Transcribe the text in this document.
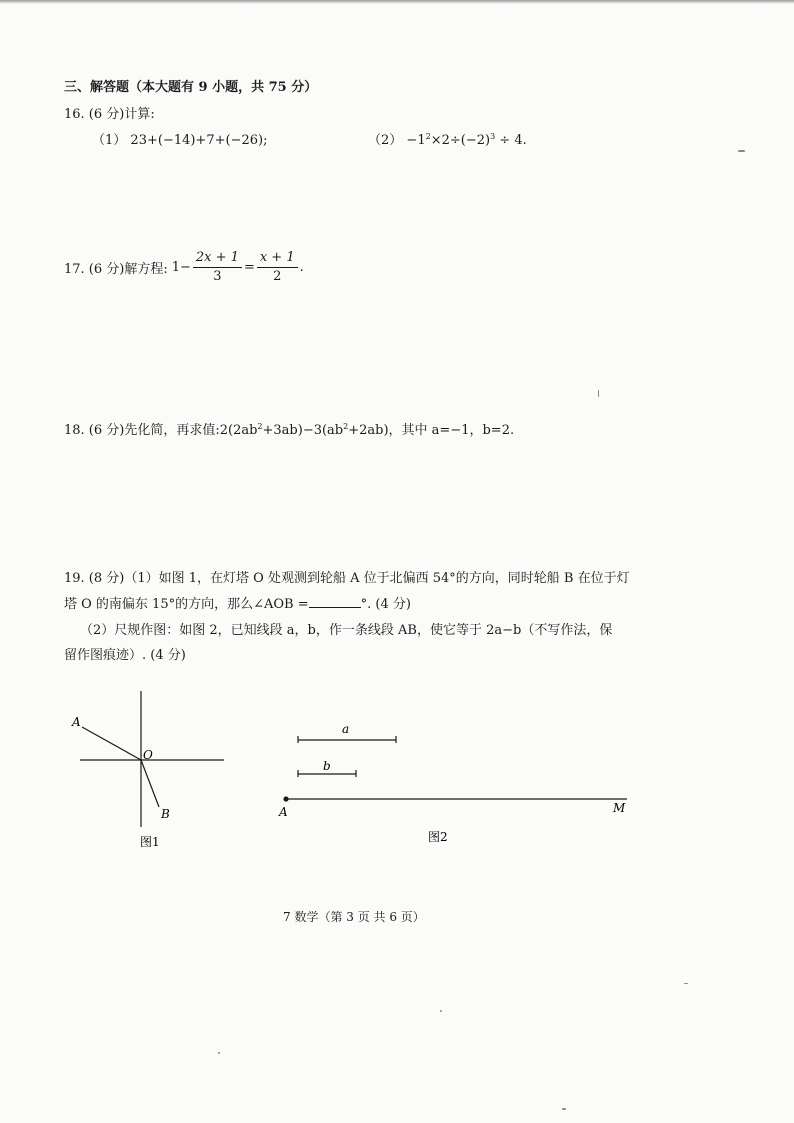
三、解答题（本大题有 9 小题，共 75 分）
16. (6 分)计算:
（1） 23+(−14)+7+(−26);	$(2) -1^2\times 2\div(-2)^3 \div 4$.
17. (6 分)解方程: $1- \frac{2x + 1}{3} = \frac{x + 1}{2}$ .
18. (6 分)先化简，再求值$:2(2ab^2+3ab)-3(ab^2+2ab)$，其中 a=−1，b=2.
19. (8 分)（1）如图 1，在灯塔 O 处观测到轮船 A 位于北偏西 54°的方向，同时轮船 B 在位于灯
塔 O 的南偏东 15°的方向，那么∠AOB =	°. (4 分)
（2）尺规作图：如图 2，已知线段 a，b，作一条线段 AB，使它等于 2a−b（不写作法，保
留作图痕迹）. (4 分)
A
O
B
图1
a
b
A	M
图2
7 数学（第 3 页 共 6 页）
